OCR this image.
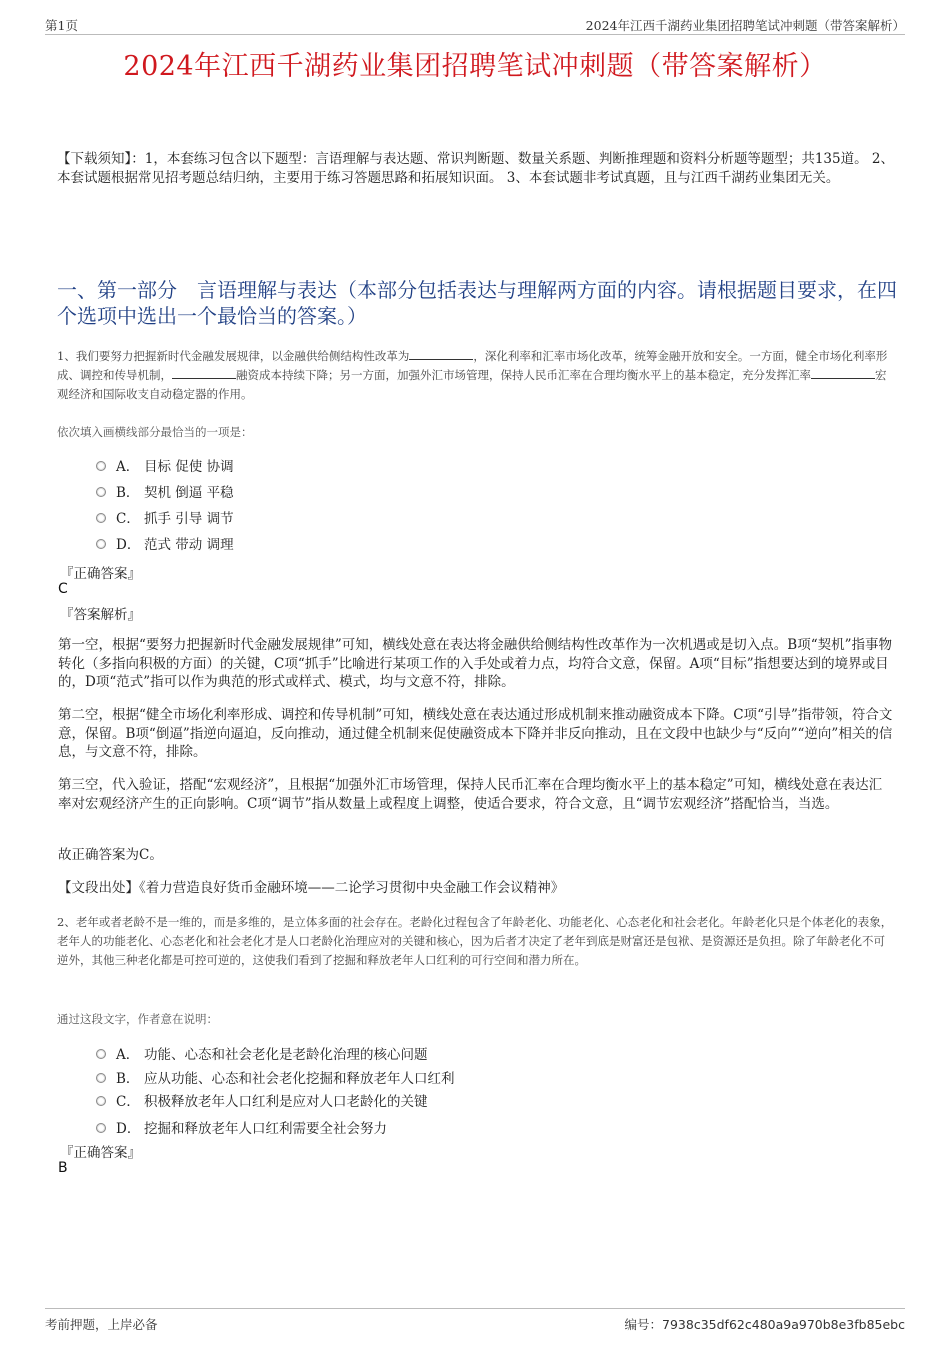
第1页	2024年江西千湖药业集团招聘笔试冲刺题（带答案解析）
2024年江西千湖药业集团招聘笔试冲刺题（带答案解析）
【下载须知】：1，本套练习包含以下题型：言语理解与表达题、常识判断题、数量关系题、判断推理题和资料分析题等题型；共135道。 2、本套试题根据常见招考题总结归纳，主要用于练习答题思路和拓展知识面。 3、本套试题非考试真题，且与江西千湖药业集团无关。
一、第一部分　言语理解与表达（本部分包括表达与理解两方面的内容。请根据题目要求，在四个选项中选出一个最恰当的答案。）
1、我们要努力把握新时代金融发展规律，以金融供给侧结构性改革为	，深化利率和汇率市场化改革，统筹金融开放和安全。一方面，健全市场化利率形成、调控和传导机制，	融资成本持续下降；另一方面，加强外汇市场管理，保持人民币汇率在合理均衡水平上的基本稳定，充分发挥汇率	宏观经济和国际收支自动稳定器的作用。
依次填入画横线部分最恰当的一项是：
A． 目标 促使 协调
B． 契机 倒逼 平稳
C． 抓手 引导 调节
D． 范式 带动 调理
『正确答案』
C
『答案解析』
第一空，根据“要努力把握新时代金融发展规律”可知，横线处意在表达将金融供给侧结构性改革作为一次机遇或是切入点。B项“契机”指事物转化（多指向积极的方面）的关键，C项“抓手”比喻进行某项工作的入手处或着力点，均符合文意，保留。A项“目标”指想要达到的境界或目的，D项“范式”指可以作为典范的形式或样式、模式，均与文意不符，排除。
第二空，根据“健全市场化利率形成、调控和传导机制”可知，横线处意在表达通过形成机制来推动融资成本下降。C项“引导”指带领，符合文意，保留。B项“倒逼”指逆向逼迫，反向推动，通过健全机制来促使融资成本下降并非反向推动，且在文段中也缺少与“反向”“逆向”相关的信息，与文意不符，排除。
第三空，代入验证，搭配“宏观经济”，且根据“加强外汇市场管理，保持人民币汇率在合理均衡水平上的基本稳定”可知，横线处意在表达汇率对宏观经济产生的正向影响。C项“调节”指从数量上或程度上调整，使适合要求，符合文意，且“调节宏观经济”搭配恰当，当选。
故正确答案为C。
【文段出处】《着力营造良好货币金融环境——二论学习贯彻中央金融工作会议精神》
2、老年或者老龄不是一维的，而是多维的，是立体多面的社会存在。老龄化过程包含了年龄老化、功能老化、心态老化和社会老化。年龄老化只是个体老化的表象，老年人的功能老化、心态老化和社会老化才是人口老龄化治理应对的关键和核心，因为后者才决定了老年到底是财富还是包袱、是资源还是负担。除了年龄老化不可逆外，其他三种老化都是可控可逆的，这使我们看到了挖掘和释放老年人口红利的可行空间和潜力所在。
通过这段文字，作者意在说明：
A． 功能、心态和社会老化是老龄化治理的核心问题
B． 应从功能、心态和社会老化挖掘和释放老年人口红利
C． 积极释放老年人口红利是应对人口老龄化的关键
D． 挖掘和释放老年人口红利需要全社会努力
『正确答案』
B
考前押题，上岸必备	编号：7938c35df62c480a9a970b8e3fb85ebc
